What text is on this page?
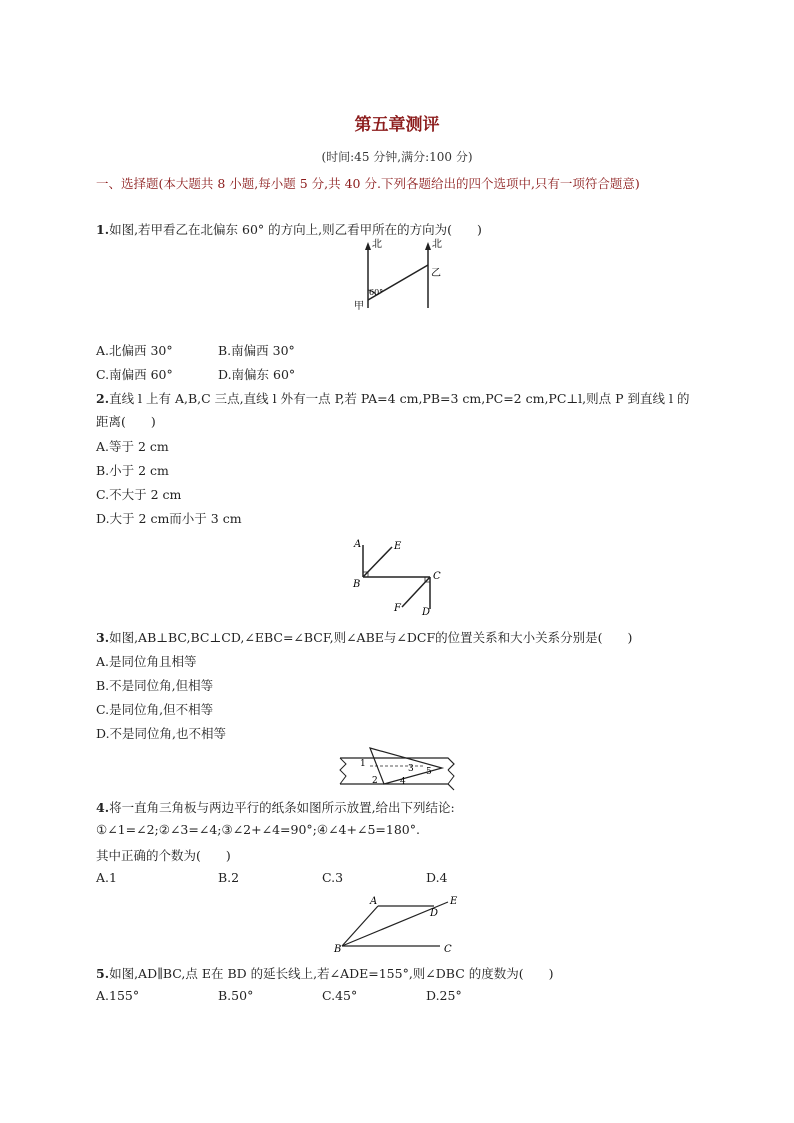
第五章测评
(时间:45 分钟,满分:100 分)
一、选择题(本大题共 8 小题,每小题 5 分,共 40 分.下列各题给出的四个选项中,只有一项符合题意)
1.如图,若甲看乙在北偏东 60° 的方向上,则乙看甲所在的方向为(　　)
北	北
甲
乙
60°
A.北偏西 30°	B.南偏西 30°
C.南偏西 60°	D.南偏东 60°
2.直线 l 上有 A,B,C 三点,直线 l 外有一点 P,若 PA=4 cm,PB=3 cm,PC=2 cm,PC⊥l,则点 P 到直线 l 的距离(　　)
A.等于 2 cm
B.小于 2 cm
C.不大于 2 cm
D.大于 2 cm而小于 3 cm
A	E
B
C
F D
3.如图,AB⊥BC,BC⊥CD,∠EBC=∠BCF,则∠ABE与∠DCF的位置关系和大小关系分别是(　　)
A.是同位角且相等
B.不是同位角,但相等
C.是同位角,但不相等
D.不是同位角,也不相等
1
2
3
4
5
4.将一直角三角板与两边平行的纸条如图所示放置,给出下列结论:
①∠1=∠2;②∠3=∠4;③∠2+∠4=90°;④∠4+∠5=180°.
其中正确的个数为(　　)
A.1	B.2	C.3	D.4
A	E
D
B	C
5.如图,AD∥BC,点 E在 BD 的延长线上,若∠ADE=155°,则∠DBC 的度数为(　　)
A.155°	B.50°	C.45°	D.25°
